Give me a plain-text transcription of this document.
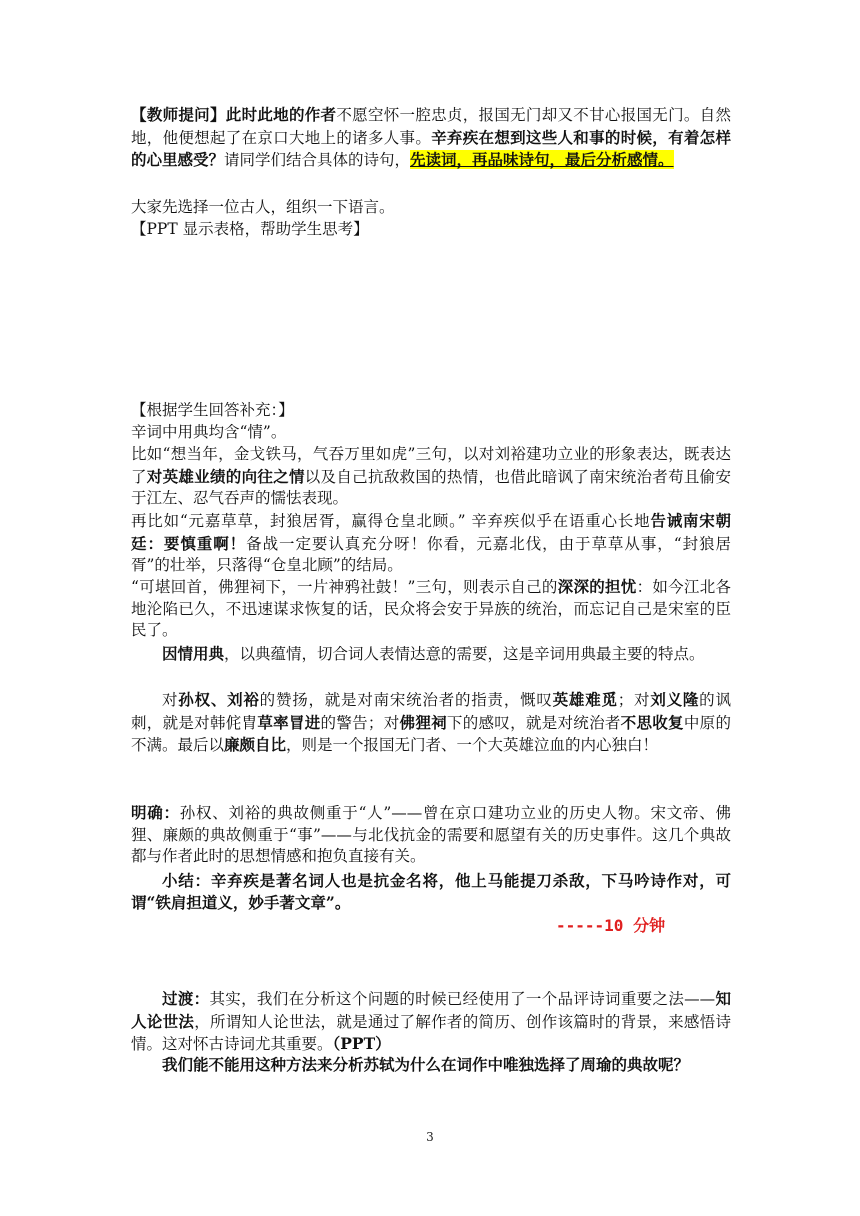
【教师提问】此时此地的作者不愿空怀一腔忠贞，报国无门却又不甘心报国无门。自然地，他便想起了在京口大地上的诸多人事。辛弃疾在想到这些人和事的时候，有着怎样的心里感受？请同学们结合具体的诗句，先读词，再品味诗句，最后分析感情。

大家先选择一位古人，组织一下语言。

【PPT 显示表格，帮助学生思考】

【根据学生回答补充：】

辛词中用典均含“情”。

比如“想当年，金戈铁马，气吞万里如虎”三句，以对刘裕建功立业的形象表达，既表达了对英雄业绩的向往之情以及自己抗敌救国的热情，也借此暗讽了南宋统治者苟且偷安于江左、忍气吞声的懦怯表现。

再比如“元嘉草草，封狼居胥，赢得仓皇北顾。” 辛弃疾似乎在语重心长地告诫南宋朝廷：要慎重啊！备战一定要认真充分呀！你看，元嘉北伐，由于草草从事，“封狼居胥”的壮举，只落得“仓皇北顾”的结局。

“可堪回首，佛狸祠下，一片神鸦社鼓！”三句，则表示自己的深深的担忧：如今江北各地沦陷已久，不迅速谋求恢复的话，民众将会安于异族的统治，而忘记自己是宋室的臣民了。

因情用典，以典蕴情，切合词人表情达意的需要，这是辛词用典最主要的特点。

对孙权、刘裕的赞扬，就是对南宋统治者的指责，慨叹英雄难觅；对刘义隆的讽刺，就是对韩侂胄草率冒进的警告；对佛狸祠下的感叹，就是对统治者不思收复中原的不满。最后以廉颇自比，则是一个报国无门者、一个大英雄泣血的内心独白！

明确：孙权、刘裕的典故侧重于“人”——曾在京口建功立业的历史人物。宋文帝、佛狸、廉颇的典故侧重于“事”——与北伐抗金的需要和愿望有关的历史事件。这几个典故都与作者此时的思想情感和抱负直接有关。

小结：辛弃疾是著名词人也是抗金名将，他上马能提刀杀敌，下马吟诗作对，可谓“铁肩担道义，妙手著文章”。

-----10 分钟

过渡：其实，我们在分析这个问题的时候已经使用了一个品评诗词重要之法——知人论世法，所谓知人论世法，就是通过了解作者的简历、创作该篇时的背景，来感悟诗情。这对怀古诗词尤其重要。（PPT）

我们能不能用这种方法来分析苏轼为什么在词作中唯独选择了周瑜的典故呢？

3
